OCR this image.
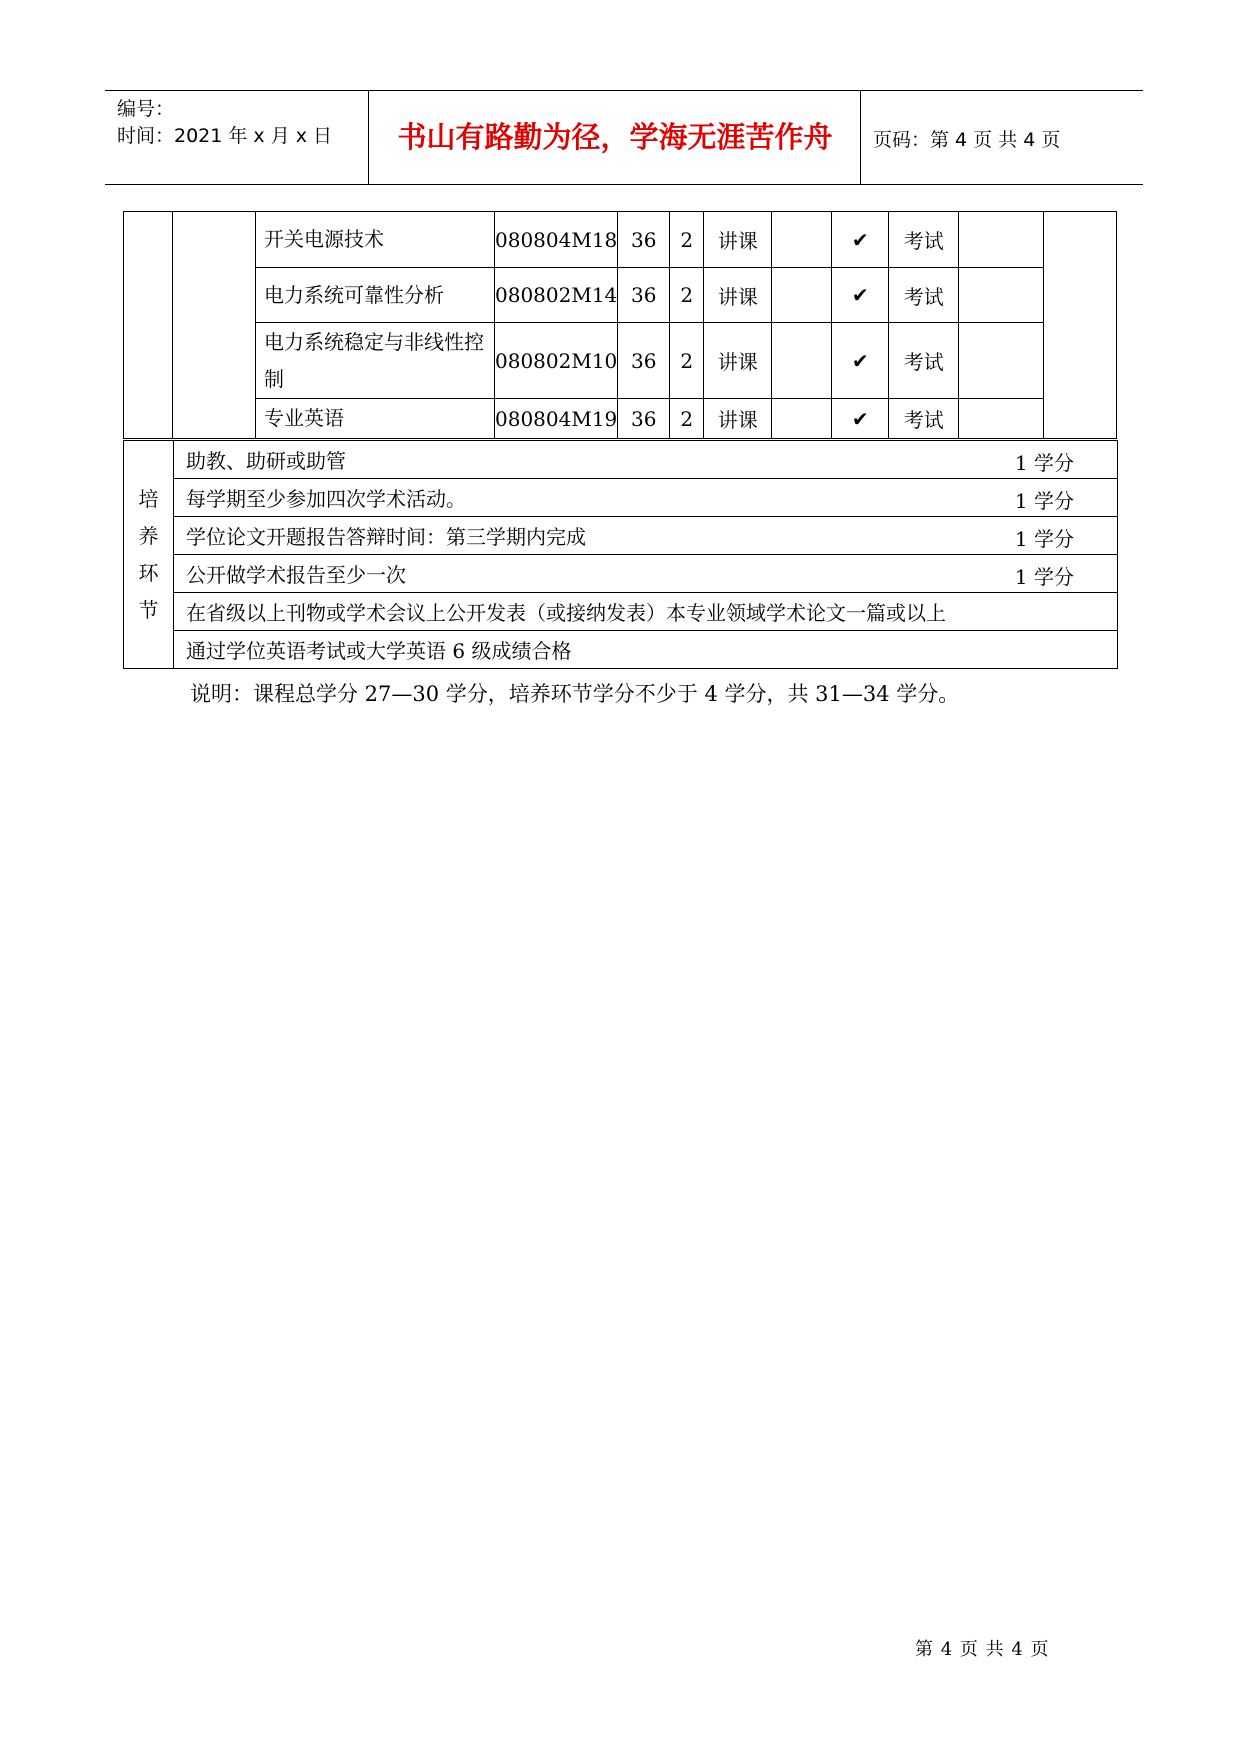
编号：
时间：2021 年 x 月 x 日 书山有路勤为径，学海无涯苦作舟 页码：第 4 页 共 4 页
		开关电源技术	080804M18	36	2	讲课		✔	考试		
		电力系统可靠性分析	080802M14	36	2	讲课		✔	考试		
		电力系统稳定与非线性控制	080802M10	36	2	讲课		✔	考试		
		专业英语	080804M19	36	2	讲课		✔	考试		
培养环节
	助教、助研或助管	1 学分

每学期至少参加四次学术活动。	1 学分

学位论文开题报告答辩时间：第三学期内完成	1 学分

公开做学术报告至少一次	1 学分

在省级以上刊物或学术会议上公开发表（或接纳发表）本专业领域学术论文一篇或以上
通过学位英语考试或大学英语 6 级成绩合格
说明：课程总学分 27—30 学分，培养环节学分不少于 4 学分，共 31—34 学分。
第 4 页 共 4 页
